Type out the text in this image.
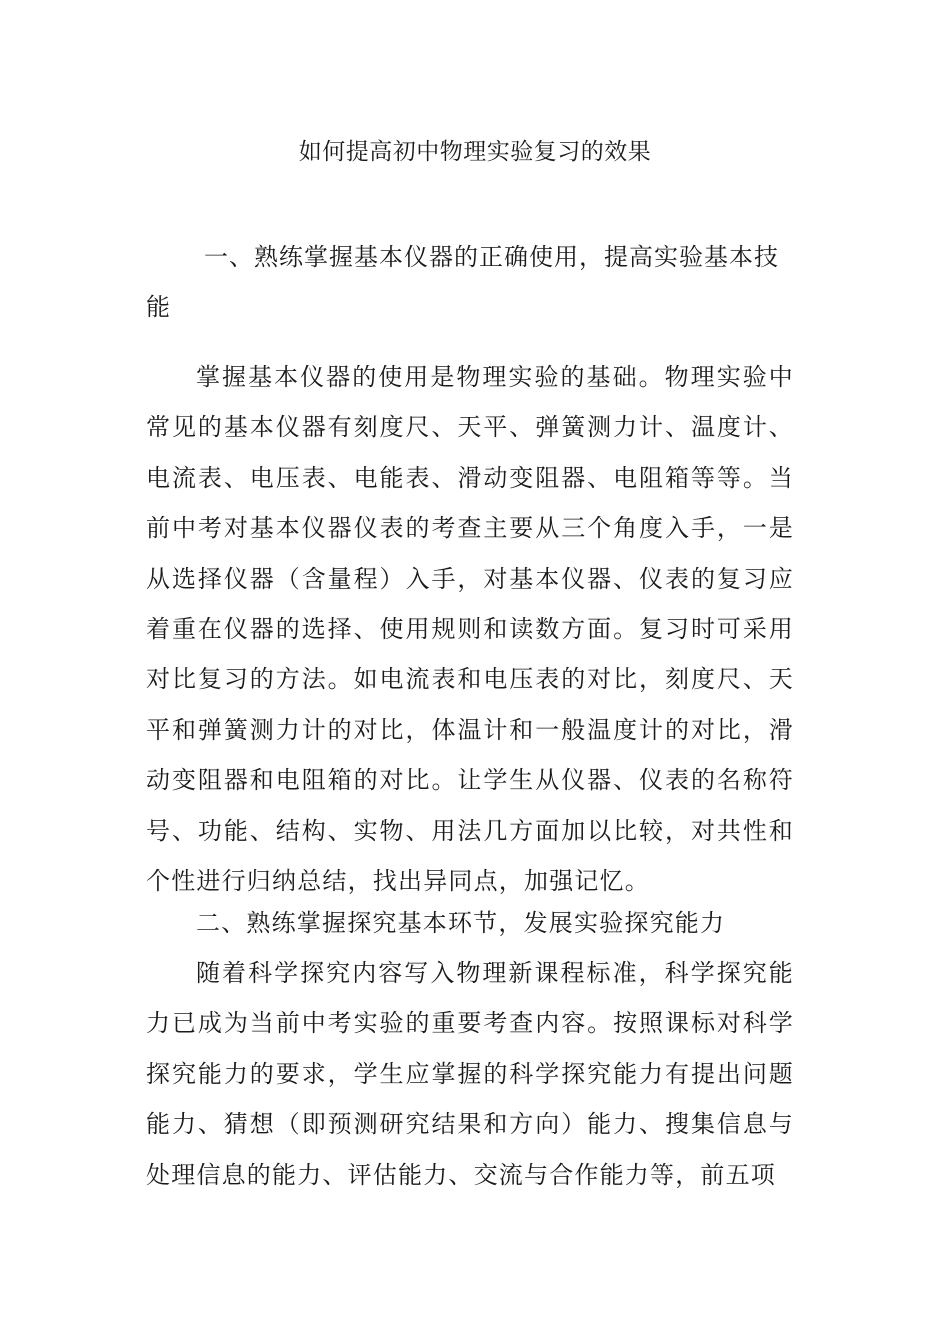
如何提高初中物理实验复习的效果
一、熟练掌握基本仪器的正确使用，提高实验基本技能

掌握基本仪器的使用是物理实验的基础。物理实验中常见的基本仪器有刻度尺、天平、弹簧测力计、温度计、电流表、电压表、电能表、滑动变阻器、电阻箱等等。当前中考对基本仪器仪表的考查主要从三个角度入手，一是从选择仪器（含量程）入手，对基本仪器、仪表的复习应着重在仪器的选择、使用规则和读数方面。复习时可采用对比复习的方法。如电流表和电压表的对比，刻度尺、天平和弹簧测力计的对比，体温计和一般温度计的对比，滑动变阻器和电阻箱的对比。让学生从仪器、仪表的名称符号、功能、结构、实物、用法几方面加以比较，对共性和个性进行归纳总结，找出异同点，加强记忆。

二、熟练掌握探究基本环节，发展实验探究能力

随着科学探究内容写入物理新课程标准，科学探究能力已成为当前中考实验的重要考查内容。按照课标对科学探究能力的要求，学生应掌握的科学探究能力有提出问题能力、猜想（即预测研究结果和方向）能力、搜集信息与处理信息的能力、评估能力、交流与合作能力等，前五项
